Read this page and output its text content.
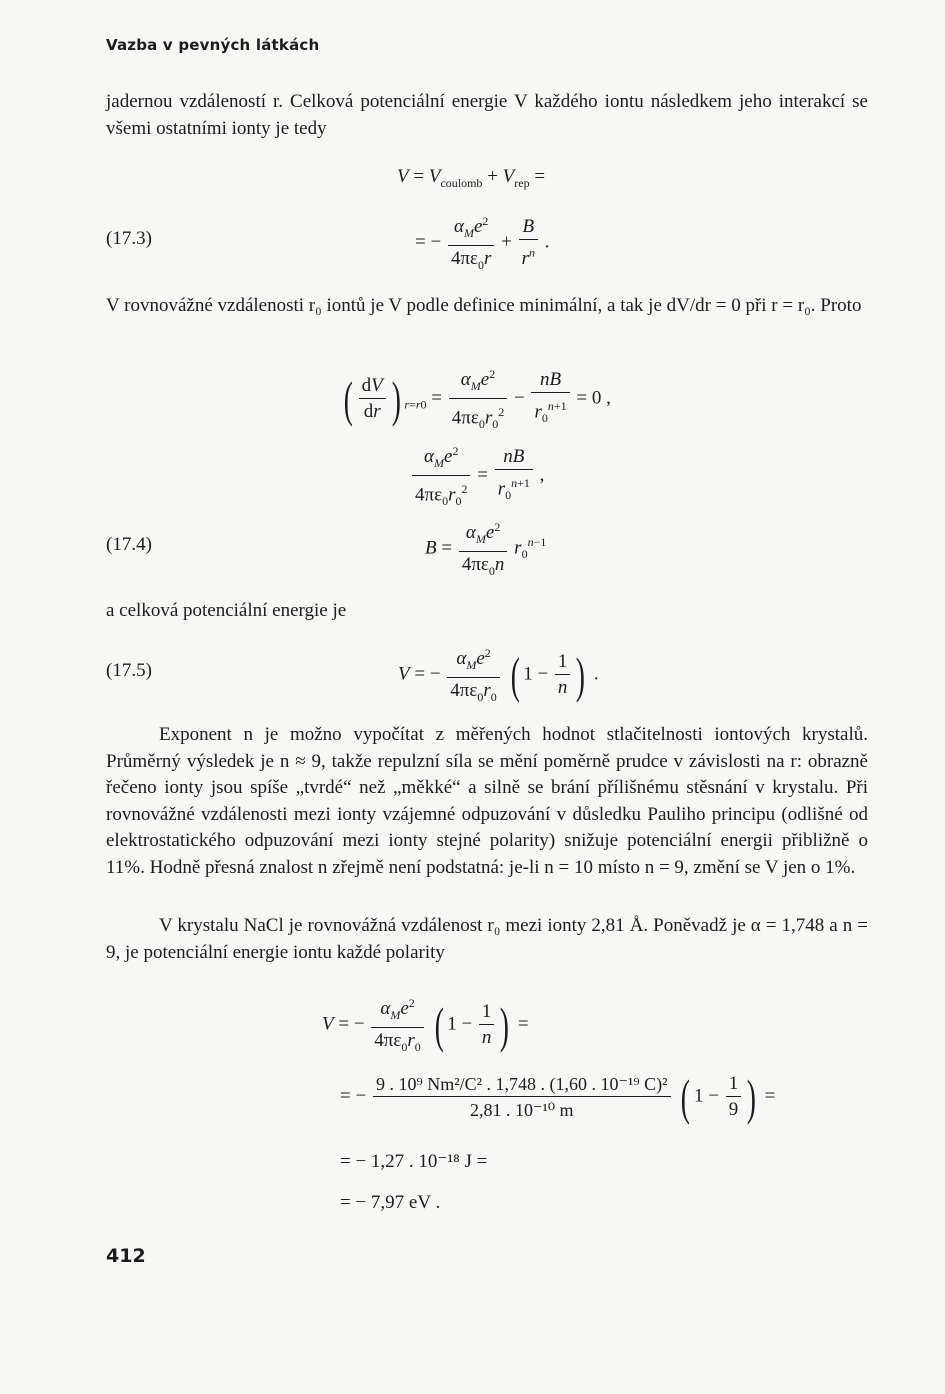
Vazba v pevných látkách
jadernou vzdáleností r. Celková potenciální energie V každého iontu následkem jeho interakcí se všemi ostatními ionty je tedy
$V = V_{coulomb} + V_{rep}$ =
(17.3)	= − $\frac{\alpha_Me^2}{4\pi\varepsilon_0r} + \frac{B}{r^n}$ .
V rovnovážné vzdálenosti r₀ iontů je V podle definice minimální, a tak je dV/dr = 0 při r = r₀. Proto
( $\frac{dV}{dr}$ ) $_{r=r0} = \frac{\alpha_Me^2}{4\pi\varepsilon_0r_0^2} - \frac{nB}{r_0^{n+1}} = 0$ ,
$\frac{\alpha_Me^2}{4\pi\varepsilon_0r_0^2} = \frac{nB}{r_0^{n+1}}$ ,
(17.4)	$B = \frac{\alpha_Me^2}{4\pi\varepsilon_0n} r_0^{n-1}$
a celková potenciální energie je
(17.5)	V = − $\frac{\alpha_Me^2}{4\pi\varepsilon_0r_0}$ ( $1 - \frac{1}{n}$ ) .
Exponent n je možno vypočítat z měřených hodnot stlačitelnosti iontových krystalů. Průměrný výsledek je n ≈ 9, takže repulzní síla se mění poměrně prudce v závislosti na r: obrazně řečeno ionty jsou spíše „tvrdé“ než „měkké“ a silně se brání přílišnému stěsnání v krystalu. Při rovnovážné vzdálenosti mezi ionty vzájemné odpuzování v důsledku Pauliho principu (odlišné od elektrostatického odpuzování mezi ionty stejné polarity) snižuje potenciální energii přibližně o 11%. Hodně přesná znalost n zřejmě není podstatná: je-li n = 10 místo n = 9, změní se V jen o 1%.
V krystalu NaCl je rovnovážná vzdálenost r₀ mezi ionty 2,81 Å. Poněvadž je α = 1,748 a n = 9, je potenciální energie iontu každé polarity
V = − $\frac{\alpha_Me^2}{4\pi\varepsilon_0r_0}$ ( $1 - \frac{1}{n}$ ) =
= − $\frac{\text{9 . 10⁹ Nm²/C² . 1,748 . (1,60 . 10⁻¹⁹ C)²}}{\text{2,81 . 10⁻¹⁰ m}}$ ( $1 - \frac{1}{9}$ ) =
= − 1,27 . 10⁻¹⁸ J =
= − 7,97 eV .
412
